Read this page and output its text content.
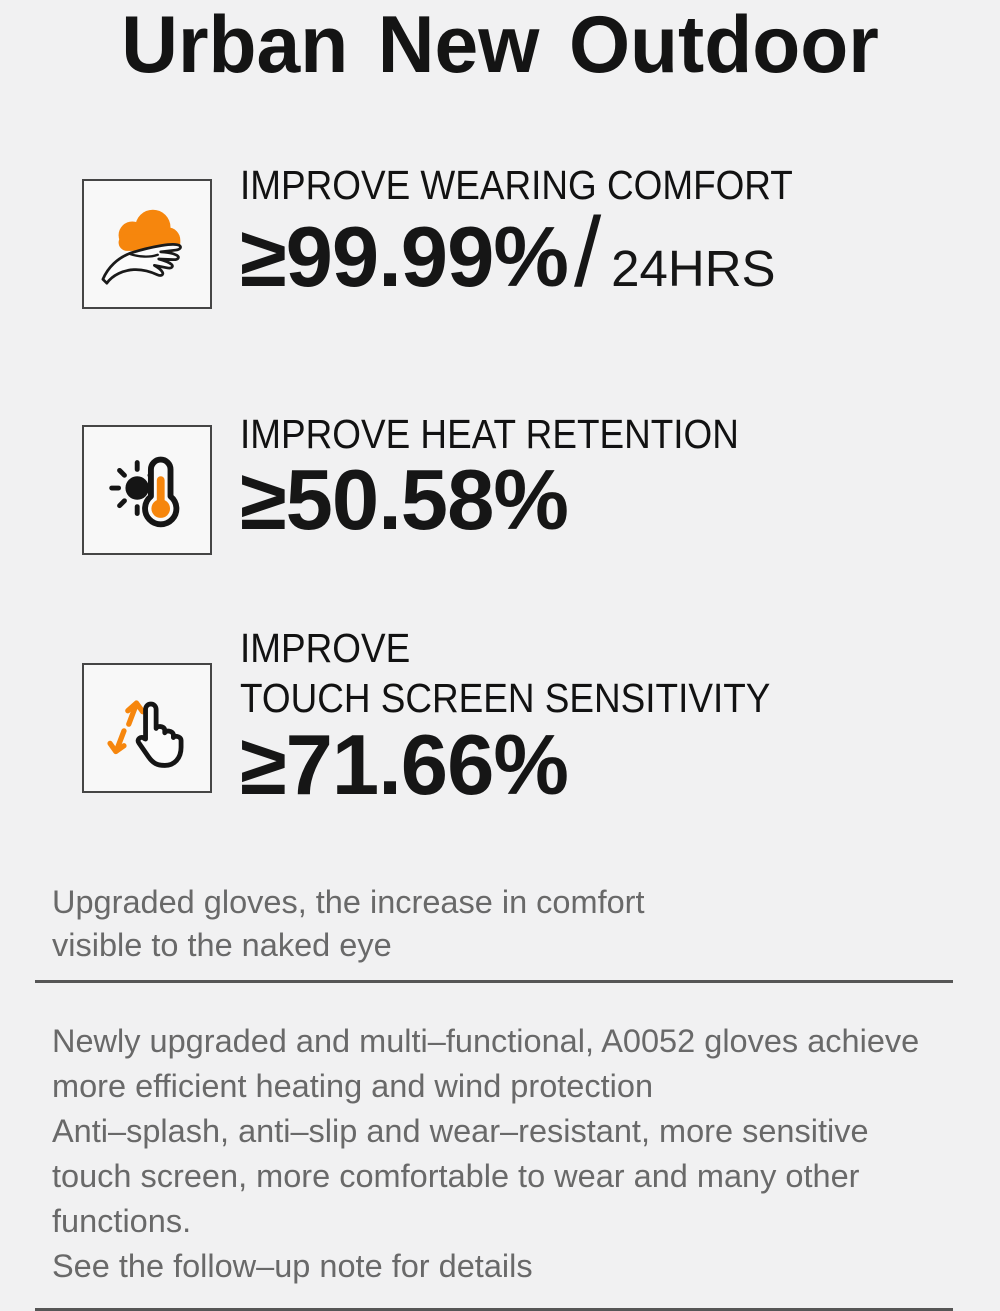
Urban New Outdoor
IMPROVE WEARING COMFORT
≥99.99%/ 24HRS
IMPROVE HEAT RETENTION
≥50.58%
IMPROVE
TOUCH SCREEN SENSITIVITY
≥71.66%
Upgraded gloves, the increase in comfort
visible to the naked eye
Newly upgraded and multi–functional, A0052 gloves achieve
more efficient heating and wind protection
Anti–splash, anti–slip and wear–resistant, more sensitive
touch screen, more comfortable to wear and many other
functions.
See the follow–up note for details
